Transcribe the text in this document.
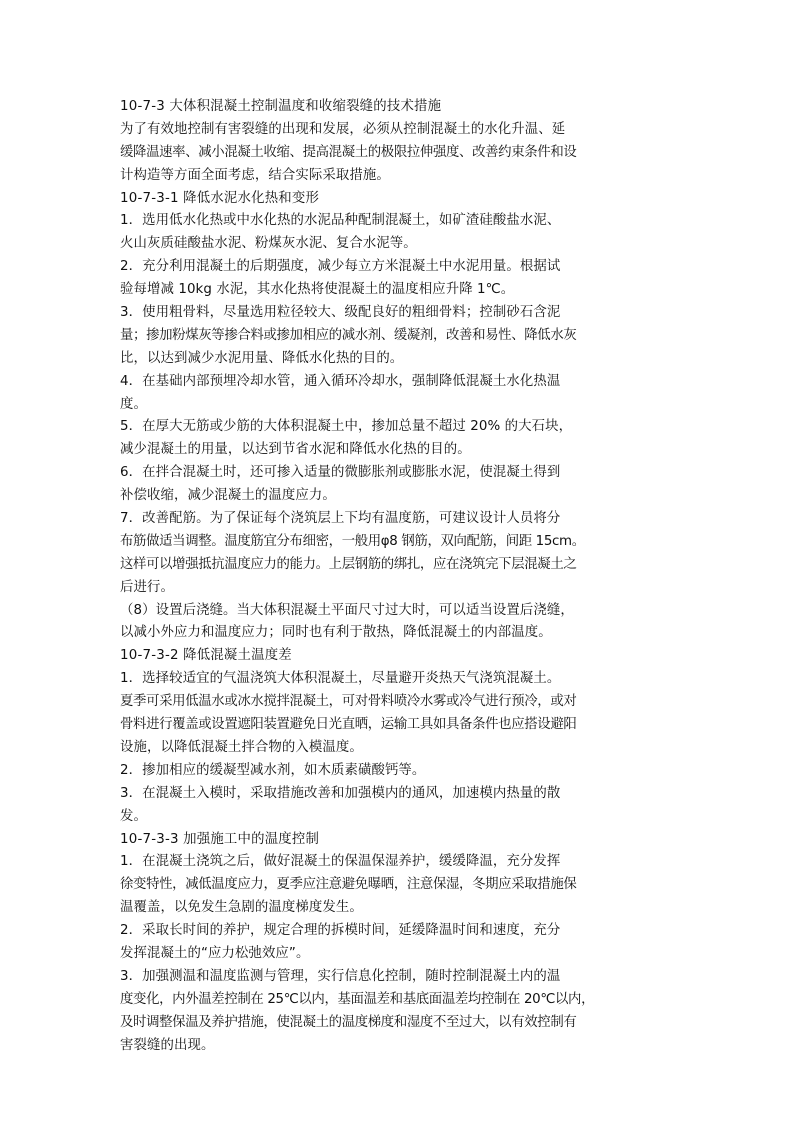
10-7-3 大体积混凝土控制温度和收缩裂缝的技术措施
为了有效地控制有害裂缝的出现和发展，必须从控制混凝土的水化升温、延
缓降温速率、减小混凝土收缩、提高混凝土的极限拉伸强度、改善约束条件和设
计构造等方面全面考虑，结合实际采取措施。
10-7-3-1 降低水泥水化热和变形
1．选用低水化热或中水化热的水泥品种配制混凝土，如矿渣硅酸盐水泥、
火山灰质硅酸盐水泥、粉煤灰水泥、复合水泥等。
2．充分利用混凝土的后期强度，减少每立方米混凝土中水泥用量。根据试
验每增减 10kg 水泥，其水化热将使混凝土的温度相应升降 1℃。
3．使用粗骨料，尽量选用粒径较大、级配良好的粗细骨料；控制砂石含泥
量；掺加粉煤灰等掺合料或掺加相应的减水剂、缓凝剂，改善和易性、降低水灰
比，以达到减少水泥用量、降低水化热的目的。
4．在基础内部预埋冷却水管，通入循环冷却水，强制降低混凝土水化热温
度。
5．在厚大无筋或少筋的大体积混凝土中，掺加总量不超过 20% 的大石块，
减少混凝土的用量，以达到节省水泥和降低水化热的目的。
6．在拌合混凝土时，还可掺入适量的微膨胀剂或膨胀水泥，使混凝土得到
补偿收缩，减少混凝土的温度应力。
7．改善配筋。为了保证每个浇筑层上下均有温度筋，可建议设计人员将分
布筋做适当调整。温度筋宜分布细密，一般用φ8 钢筋，双向配筋，间距 15cm。
这样可以增强抵抗温度应力的能力。上层钢筋的绑扎，应在浇筑完下层混凝土之
后进行。
（8）设置后浇缝。当大体积混凝土平面尺寸过大时，可以适当设置后浇缝，
以减小外应力和温度应力；同时也有利于散热，降低混凝土的内部温度。
10-7-3-2 降低混凝土温度差
1．选择较适宜的气温浇筑大体积混凝土，尽量避开炎热天气浇筑混凝土。
夏季可采用低温水或冰水搅拌混凝土，可对骨料喷冷水雾或冷气进行预冷，或对
骨料进行覆盖或设置遮阳装置避免日光直晒，运输工具如具备条件也应搭设避阳
设施，以降低混凝土拌合物的入模温度。
2．掺加相应的缓凝型减水剂，如木质素磺酸钙等。
3．在混凝土入模时，采取措施改善和加强模内的通风，加速模内热量的散
发。
10-7-3-3 加强施工中的温度控制
1．在混凝土浇筑之后，做好混凝土的保温保湿养护，缓缓降温，充分发挥
徐变特性，减低温度应力，夏季应注意避免曝晒，注意保湿，冬期应采取措施保
温覆盖，以免发生急剧的温度梯度发生。
2．采取长时间的养护，规定合理的拆模时间，延缓降温时间和速度，充分
发挥混凝土的“应力松弛效应”。
3．加强测温和温度监测与管理，实行信息化控制，随时控制混凝土内的温
度变化，内外温差控制在 25℃以内，基面温差和基底面温差均控制在 20℃以内，
及时调整保温及养护措施，使混凝土的温度梯度和湿度不至过大，以有效控制有
害裂缝的出现。
